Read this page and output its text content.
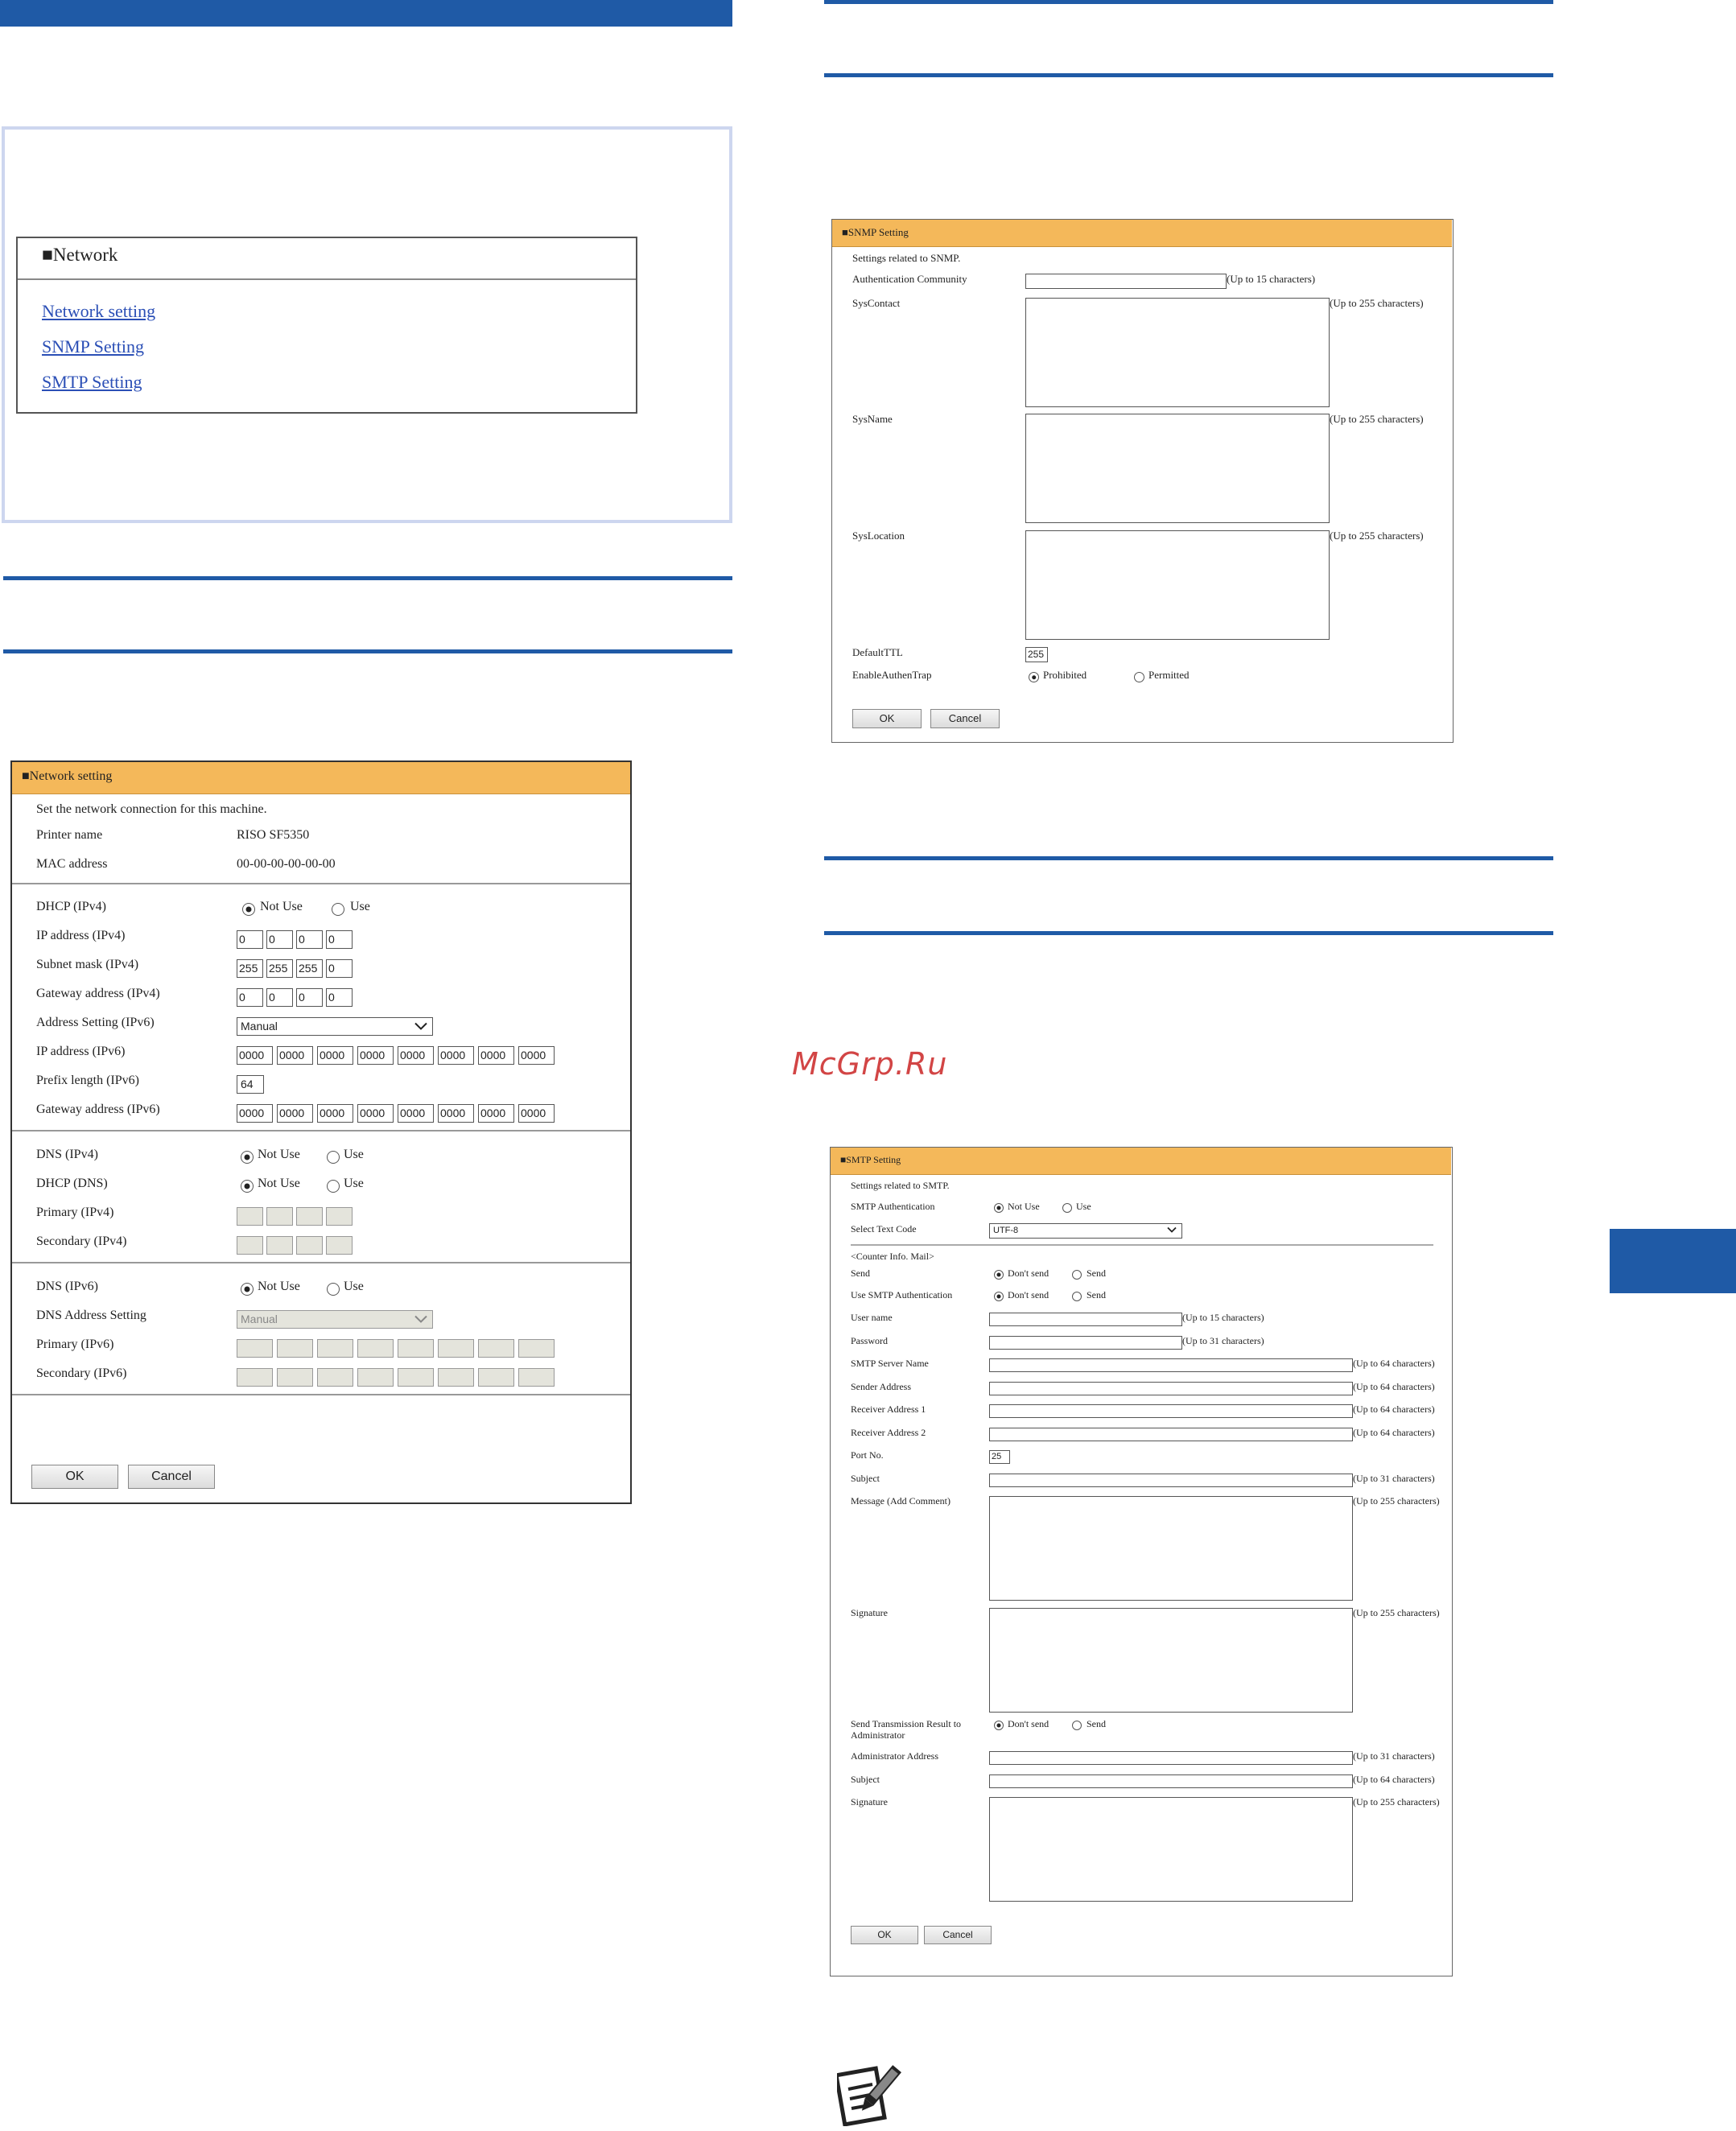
■Network
Network setting
SNMP Setting
SMTP Setting
■Network setting
Set the network connection for this machine.
Printer name	RISO SF5350
MAC address	00-00-00-00-00-00
DHCP (IPv4)	Not Use	Use
IP address (IPv4)	0	0	0	0
Subnet mask (IPv4)	255 255 255 0
Gateway address (IPv4)	0	0	0	0
Address Setting (IPv6)	Manual
IP address (IPv6)	0000	0000	0000	0000	0000	0000	0000	0000
Prefix length (IPv6)	64
Gateway address (IPv6)	0000	0000	0000	0000	0000	0000	0000	0000
DNS (IPv4)	Not Use	Use
DHCP (DNS)	Not Use	Use
Primary (IPv4)
Secondary (IPv4)
DNS (IPv6)	Not Use	Use
DNS Address Setting	Manual
Primary (IPv6)
Secondary (IPv6)
OK	Cancel
■SNMP Setting
Settings related to SNMP.
Authentication Community	(Up to 15 characters)
SysContact	(Up to 255 characters)
SysName	(Up to 255 characters)
SysLocation	(Up to 255 characters)
DefaultTTL	255
EnableAuthenTrap	Prohibited	Permitted
OK	Cancel
McGrp.Ru
■SMTP Setting
Settings related to SMTP.
SMTP Authentication	Not Use	Use
Select Text Code	UTF-8
<Counter Info. Mail>
Send	Don't send	Send
Use SMTP Authentication	Don't send	Send
User name	(Up to 15 characters)
Password	(Up to 31 characters)
SMTP Server Name	(Up to 64 characters)
Sender Address	(Up to 64 characters)
Receiver Address 1	(Up to 64 characters)
Receiver Address 2	(Up to 64 characters)
Port No.	25
Subject	(Up to 31 characters)
Message (Add Comment)	(Up to 255 characters)
Signature	(Up to 255 characters)
Send Transmission Result to
Administrator
Don't send	Send
Administrator Address	(Up to 31 characters)
Subject	(Up to 64 characters)
Signature	(Up to 255 characters)
OK	Cancel
